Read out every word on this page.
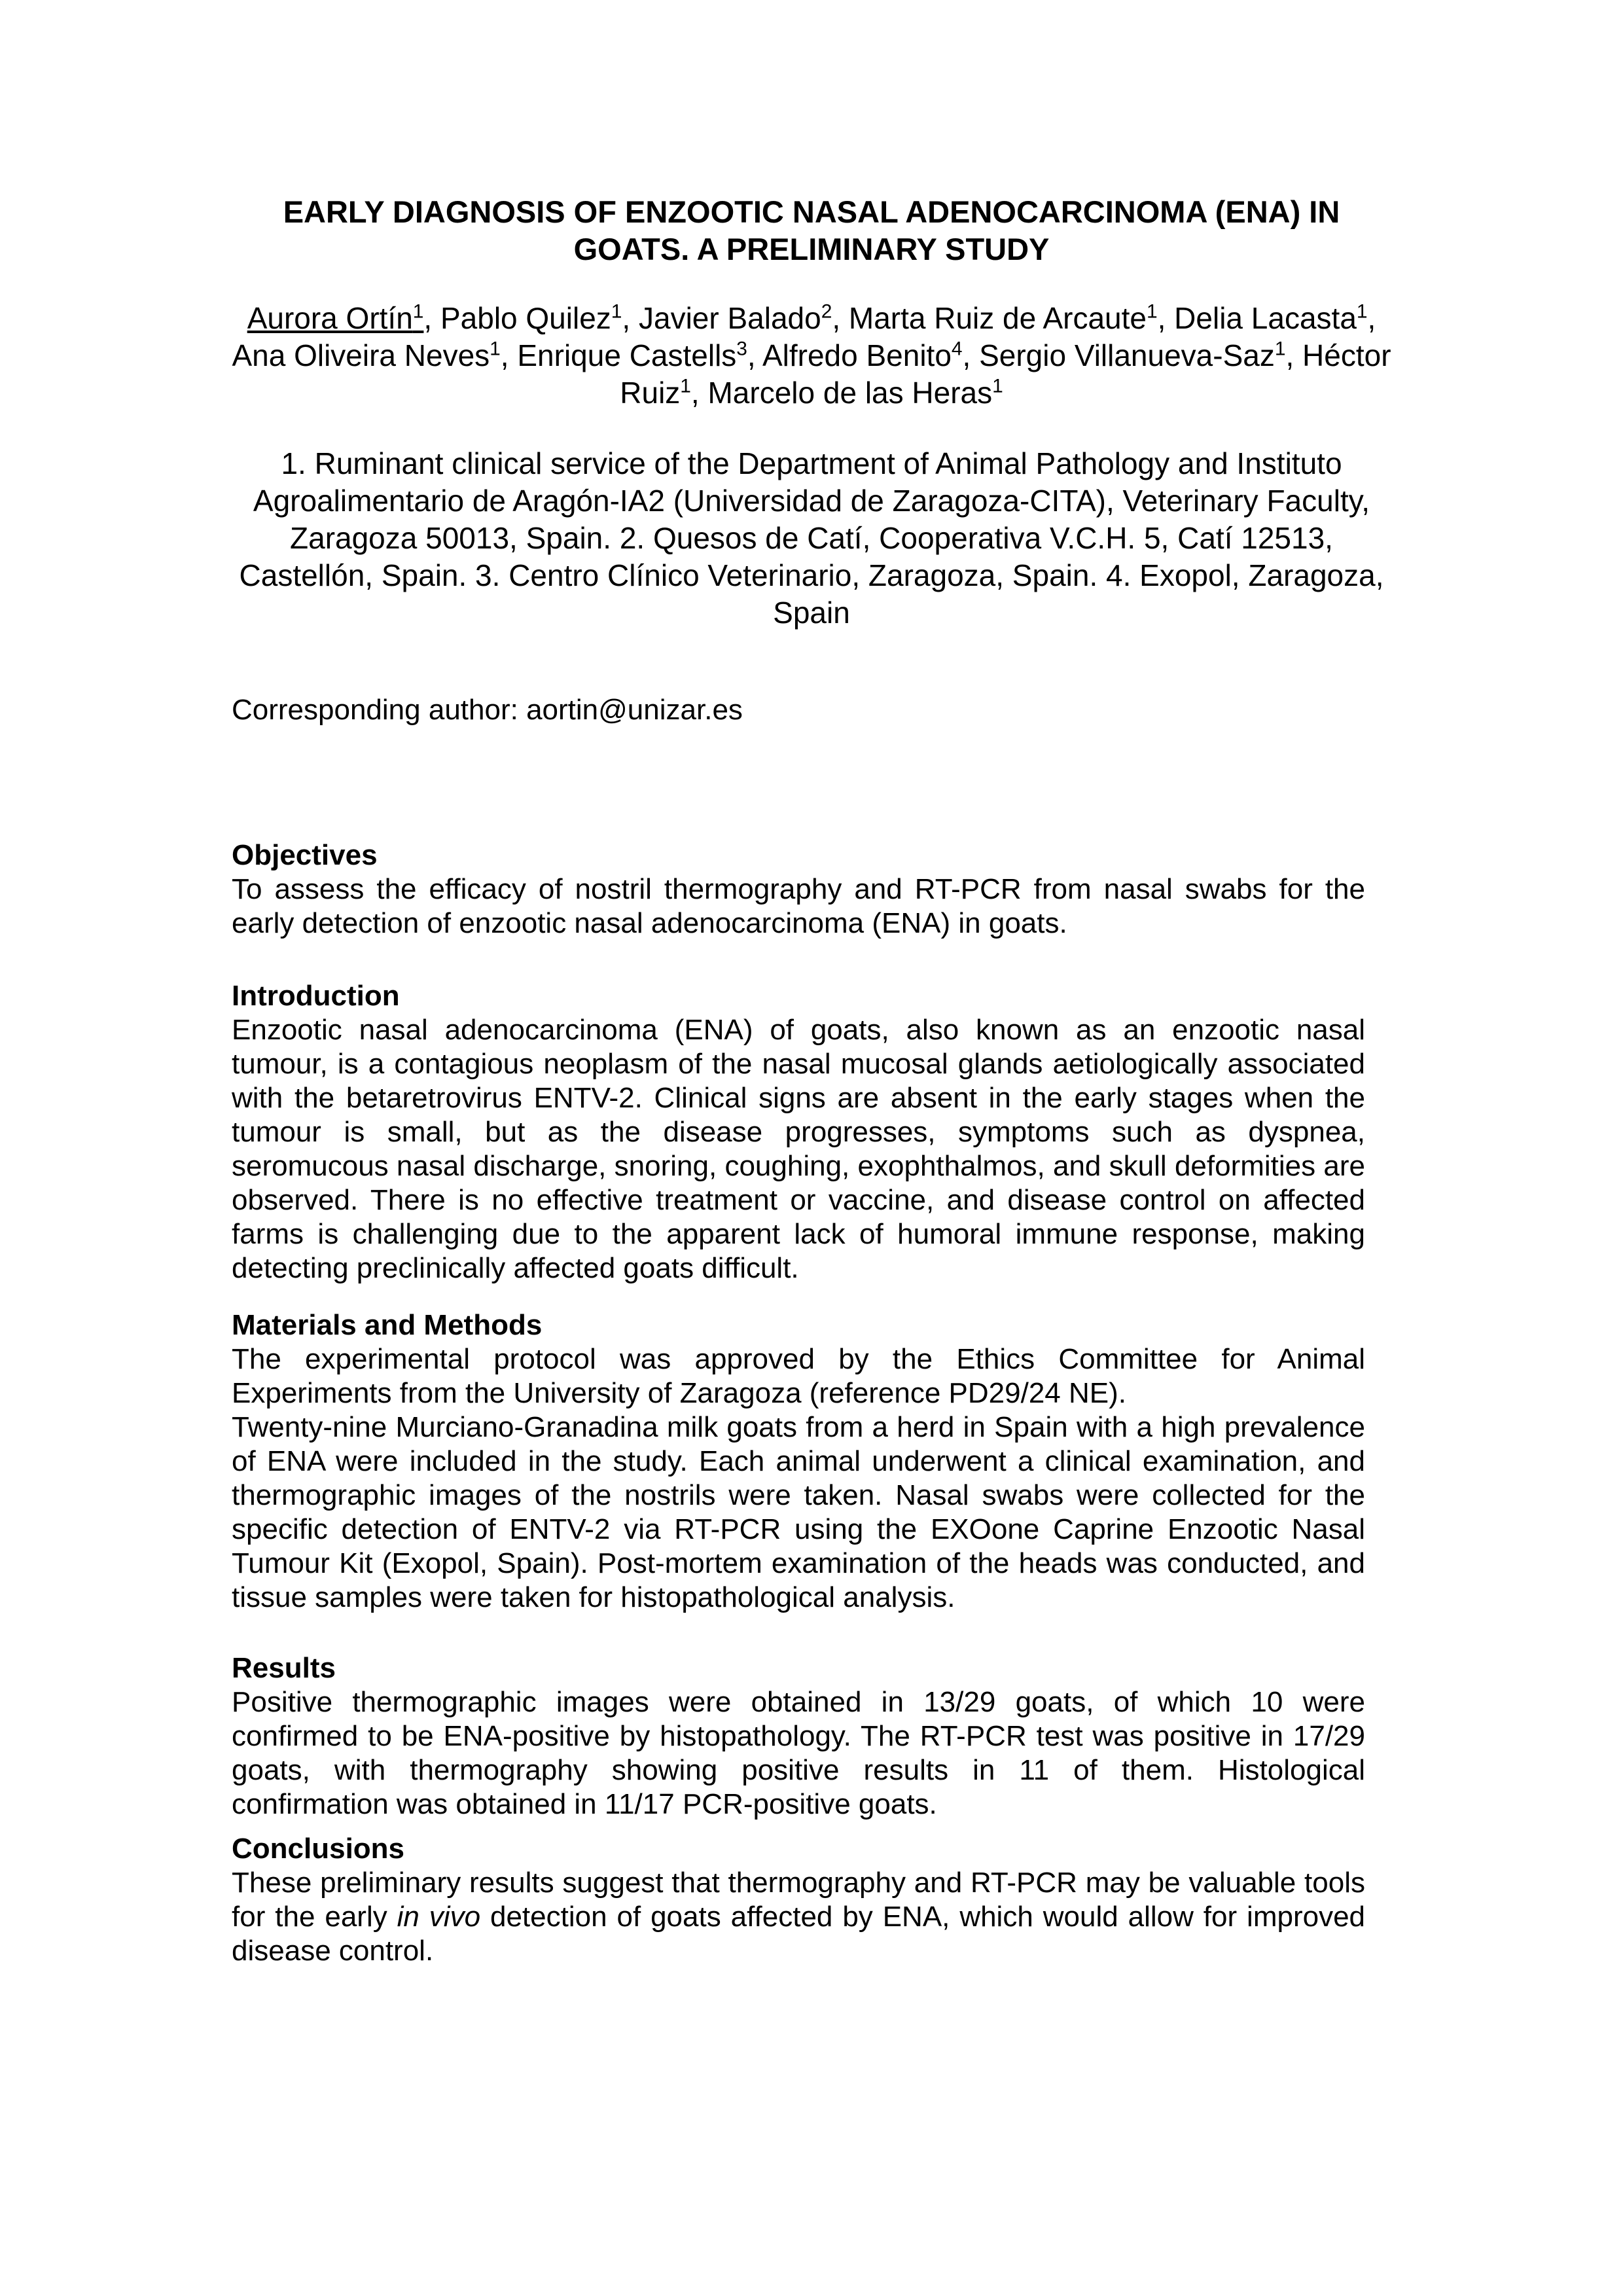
EARLY DIAGNOSIS OF ENZOOTIC NASAL ADENOCARCINOMA (ENA) IN GOATS. A PRELIMINARY STUDY
Aurora Ortín$^1$, Pablo Quilez$^1$, Javier Balado$^2$, Marta Ruiz de Arcaute$^1$, Delia Lacasta$^1$, Ana Oliveira Neves$^1$, Enrique Castells$^3$, Alfredo Benito$^4$, Sergio Villanueva-Saz$^1$, Héctor Ruiz$^1$, Marcelo de las Heras$^1$
1. Ruminant clinical service of the Department of Animal Pathology and Instituto Agroalimentario de Aragón-IA2 (Universidad de Zaragoza-CITA), Veterinary Faculty, Zaragoza 50013, Spain. 2. Quesos de Catí, Cooperativa V.C.H. 5, Catí 12513, Castellón, Spain. 3. Centro Clínico Veterinario, Zaragoza, Spain. 4. Exopol, Zaragoza, Spain
Corresponding author: aortin@unizar.es
Objectives

To assess the efficacy of nostril thermography and RT-PCR from nasal swabs for the early detection of enzootic nasal adenocarcinoma (ENA) in goats.

Introduction

Enzootic nasal adenocarcinoma (ENA) of goats, also known as an enzootic nasal tumour, is a contagious neoplasm of the nasal mucosal glands aetiologically associated with the betaretrovirus ENTV-2. Clinical signs are absent in the early stages when the tumour is small, but as the disease progresses, symptoms such as dyspnea, seromucous nasal discharge, snoring, coughing, exophthalmos, and skull deformities are observed. There is no effective treatment or vaccine, and disease control on affected farms is challenging due to the apparent lack of humoral immune response, making detecting preclinically affected goats difficult.

Materials and Methods

The experimental protocol was approved by the Ethics Committee for Animal Experiments from the University of Zaragoza (reference PD29/24 NE).

Twenty-nine Murciano-Granadina milk goats from a herd in Spain with a high prevalence of ENA were included in the study. Each animal underwent a clinical examination, and thermographic images of the nostrils were taken. Nasal swabs were collected for the specific detection of ENTV-2 via RT-PCR using the EXOone Caprine Enzootic Nasal Tumour Kit (Exopol, Spain). Post-mortem examination of the heads was conducted, and tissue samples were taken for histopathological analysis.

Results

Positive thermographic images were obtained in 13/29 goats, of which 10 were confirmed to be ENA-positive by histopathology. The RT-PCR test was positive in 17/29 goats, with thermography showing positive results in 11 of them. Histological confirmation was obtained in 11/17 PCR-positive goats.

Conclusions

These preliminary results suggest that thermography and RT-PCR may be valuable tools for the early in vivo detection of goats affected by ENA, which would allow for improved disease control.
